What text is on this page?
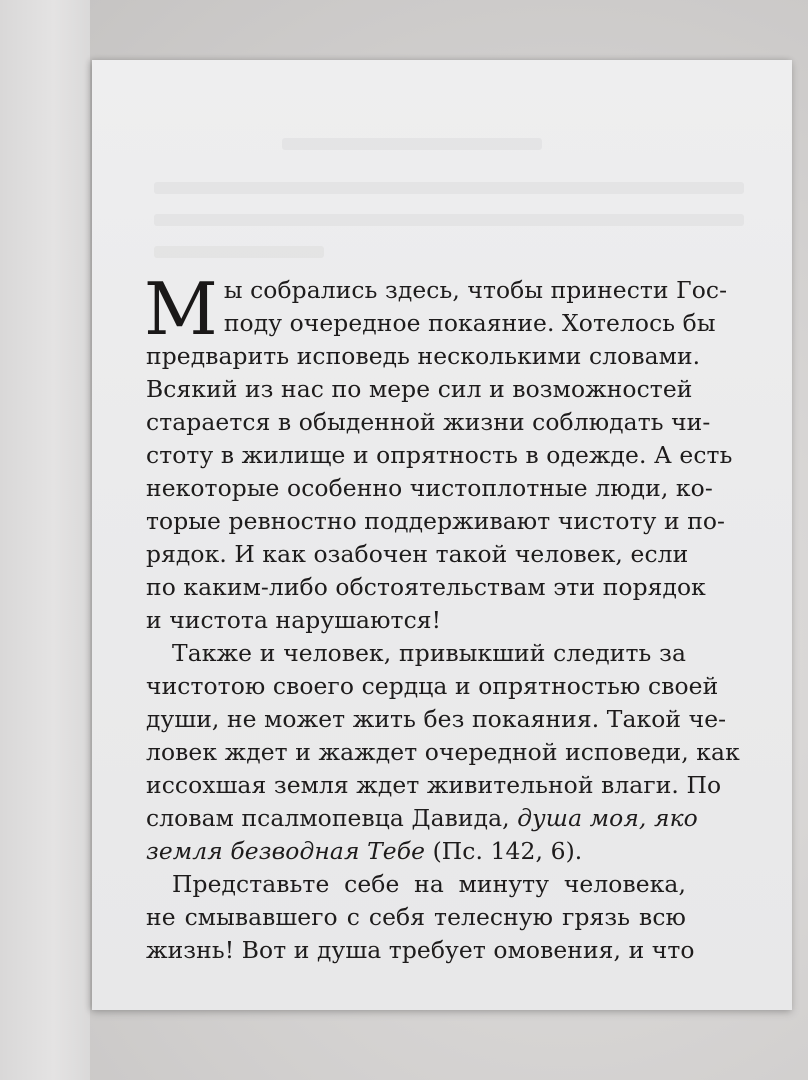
М ы собрались здесь, чтобы принести Гос-
поду очередное покаяние. Хотелось бы
предварить исповедь несколькими словами.
Всякий из нас по мере сил и возможностей
старается в обыденной жизни соблюдать чи-
стоту в жилище и опрятность в одежде. А есть
некоторые особенно чистоплотные люди, ко-
торые ревностно поддерживают чистоту и по-
рядок. И как озабочен такой человек, если
по каким-либо обстоятельствам эти порядок
и чистота нарушаются!
Также и человек, привыкший следить за
чистотою своего сердца и опрятностью своей
души, не может жить без покаяния. Такой че-
ловек ждет и жаждет очередной исповеди, как
иссохшая земля ждет живительной влаги. По
словам псалмопевца Давида, душа моя, яко
земля безводная Тебе (Пс. 142, 6).
Представьте себе на минуту человека,
не смывавшего с себя телесную грязь всю
жизнь! Вот и душа требует омовения, и что
